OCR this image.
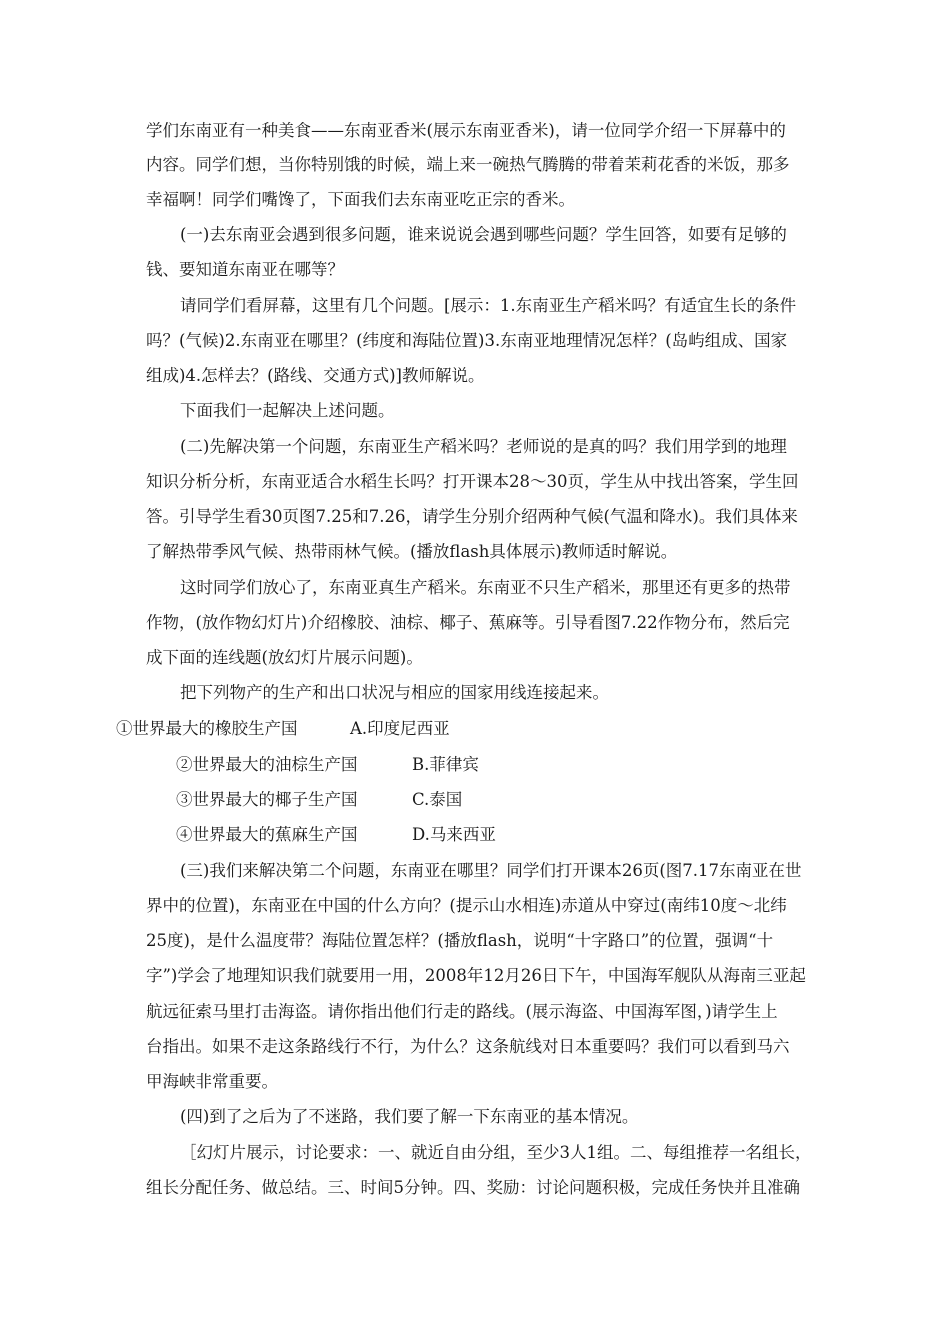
学们东南亚有一种美食——东南亚香米(展示东南亚香米)，请一位同学介绍一下屏幕中的
内容。同学们想，当你特别饿的时候，端上来一碗热气腾腾的带着茉莉花香的米饭，那多
幸福啊！同学们嘴馋了，下面我们去东南亚吃正宗的香米。
(一)去东南亚会遇到很多问题，谁来说说会遇到哪些问题？学生回答，如要有足够的
钱、要知道东南亚在哪等？
请同学们看屏幕，这里有几个问题。[展示：1.东南亚生产稻米吗？有适宜生长的条件
吗？(气候)2.东南亚在哪里？(纬度和海陆位置)3.东南亚地理情况怎样？(岛屿组成、国家
组成)4.怎样去？(路线、交通方式)]教师解说。
下面我们一起解决上述问题。
(二)先解决第一个问题，东南亚生产稻米吗？老师说的是真的吗？我们用学到的地理
知识分析分析，东南亚适合水稻生长吗？打开课本28～30页，学生从中找出答案，学生回
答。引导学生看30页图7.25和7.26，请学生分别介绍两种气候(气温和降水)。我们具体来
了解热带季风气候、热带雨林气候。(播放flash具体展示)教师适时解说。
这时同学们放心了，东南亚真生产稻米。东南亚不只生产稻米，那里还有更多的热带
作物，(放作物幻灯片)介绍橡胶、油棕、椰子、蕉麻等。引导看图7.22作物分布，然后完
成下面的连线题(放幻灯片展示问题)。
把下列物产的生产和出口状况与相应的国家用线连接起来。
①世界最大的橡胶生产国	A.印度尼西亚
②世界最大的油棕生产国	B.菲律宾
③世界最大的椰子生产国	C.泰国
④世界最大的蕉麻生产国	D.马来西亚
(三)我们来解决第二个问题，东南亚在哪里？同学们打开课本26页(图7.17东南亚在世
界中的位置)，东南亚在中国的什么方向？(提示山水相连)赤道从中穿过(南纬10度～北纬
25度)，是什么温度带？海陆位置怎样？(播放flash，说明“十字路口”的位置，强调“十
字”)学会了地理知识我们就要用一用，2008年12月26日下午，中国海军舰队从海南三亚起
航远征索马里打击海盗。请你指出他们行走的路线。(展示海盗、中国海军图，)请学生上
台指出。如果不走这条路线行不行，为什么？这条航线对日本重要吗？我们可以看到马六
甲海峡非常重要。
(四)到了之后为了不迷路，我们要了解一下东南亚的基本情况。
［幻灯片展示，讨论要求：一、就近自由分组，至少3人1组。二、每组推荐一名组长，
组长分配任务、做总结。三、时间5分钟。四、奖励：讨论问题积极，完成任务快并且准确
